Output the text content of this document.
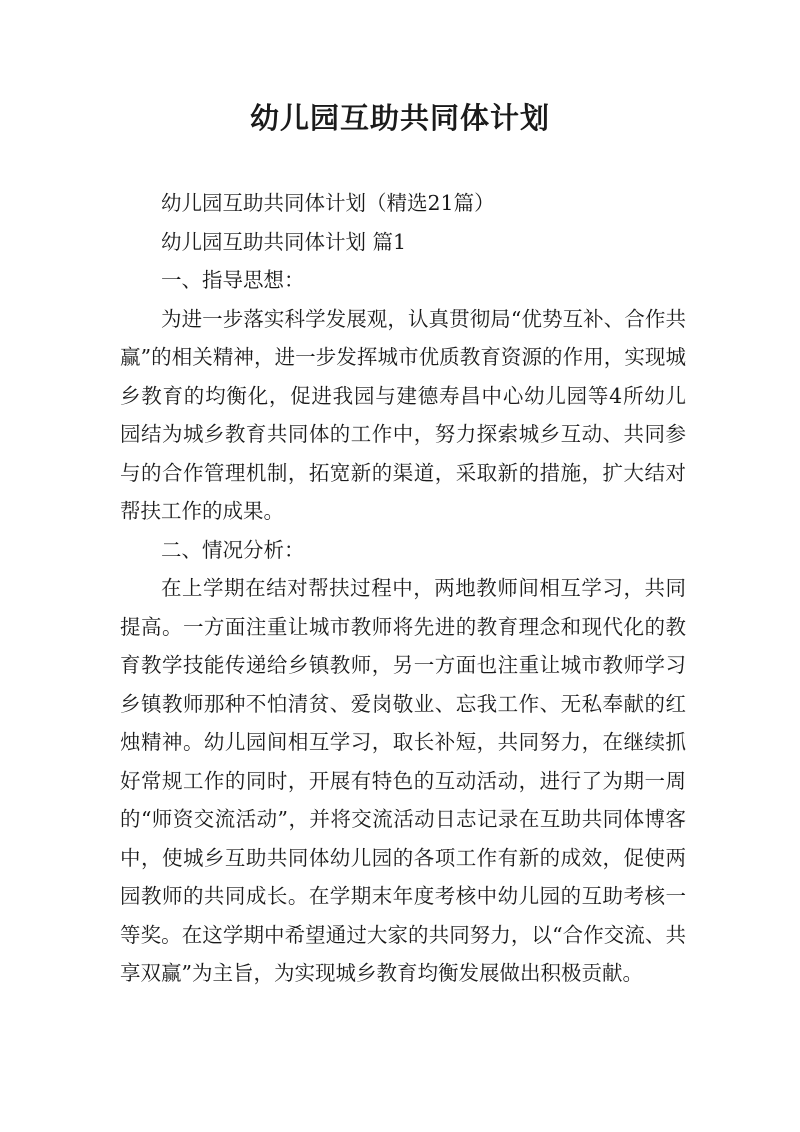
幼儿园互助共同体计划

幼儿园互助共同体计划（精选21篇）

幼儿园互助共同体计划 篇1

一、指导思想：

为进一步落实科学发展观，认真贯彻局“优势互补、合作共赢”的相关精神，进一步发挥城市优质教育资源的作用，实现城乡教育的均衡化，促进我园与建德寿昌中心幼儿园等4所幼儿园结为城乡教育共同体的工作中，努力探索城乡互动、共同参与的合作管理机制，拓宽新的渠道，采取新的措施，扩大结对帮扶工作的成果。

二、情况分析：

在上学期在结对帮扶过程中，两地教师间相互学习，共同提高。一方面注重让城市教师将先进的教育理念和现代化的教育教学技能传递给乡镇教师，另一方面也注重让城市教师学习乡镇教师那种不怕清贫、爱岗敬业、忘我工作、无私奉献的红烛精神。幼儿园间相互学习，取长补短，共同努力，在继续抓好常规工作的同时，开展有特色的互动活动，进行了为期一周的“师资交流活动”，并将交流活动日志记录在互助共同体博客中，使城乡互助共同体幼儿园的各项工作有新的成效，促使两园教师的共同成长。在学期末年度考核中幼儿园的互助考核一等奖。在这学期中希望通过大家的共同努力，以“合作交流、共享双赢”为主旨，为实现城乡教育均衡发展做出积极贡献。
